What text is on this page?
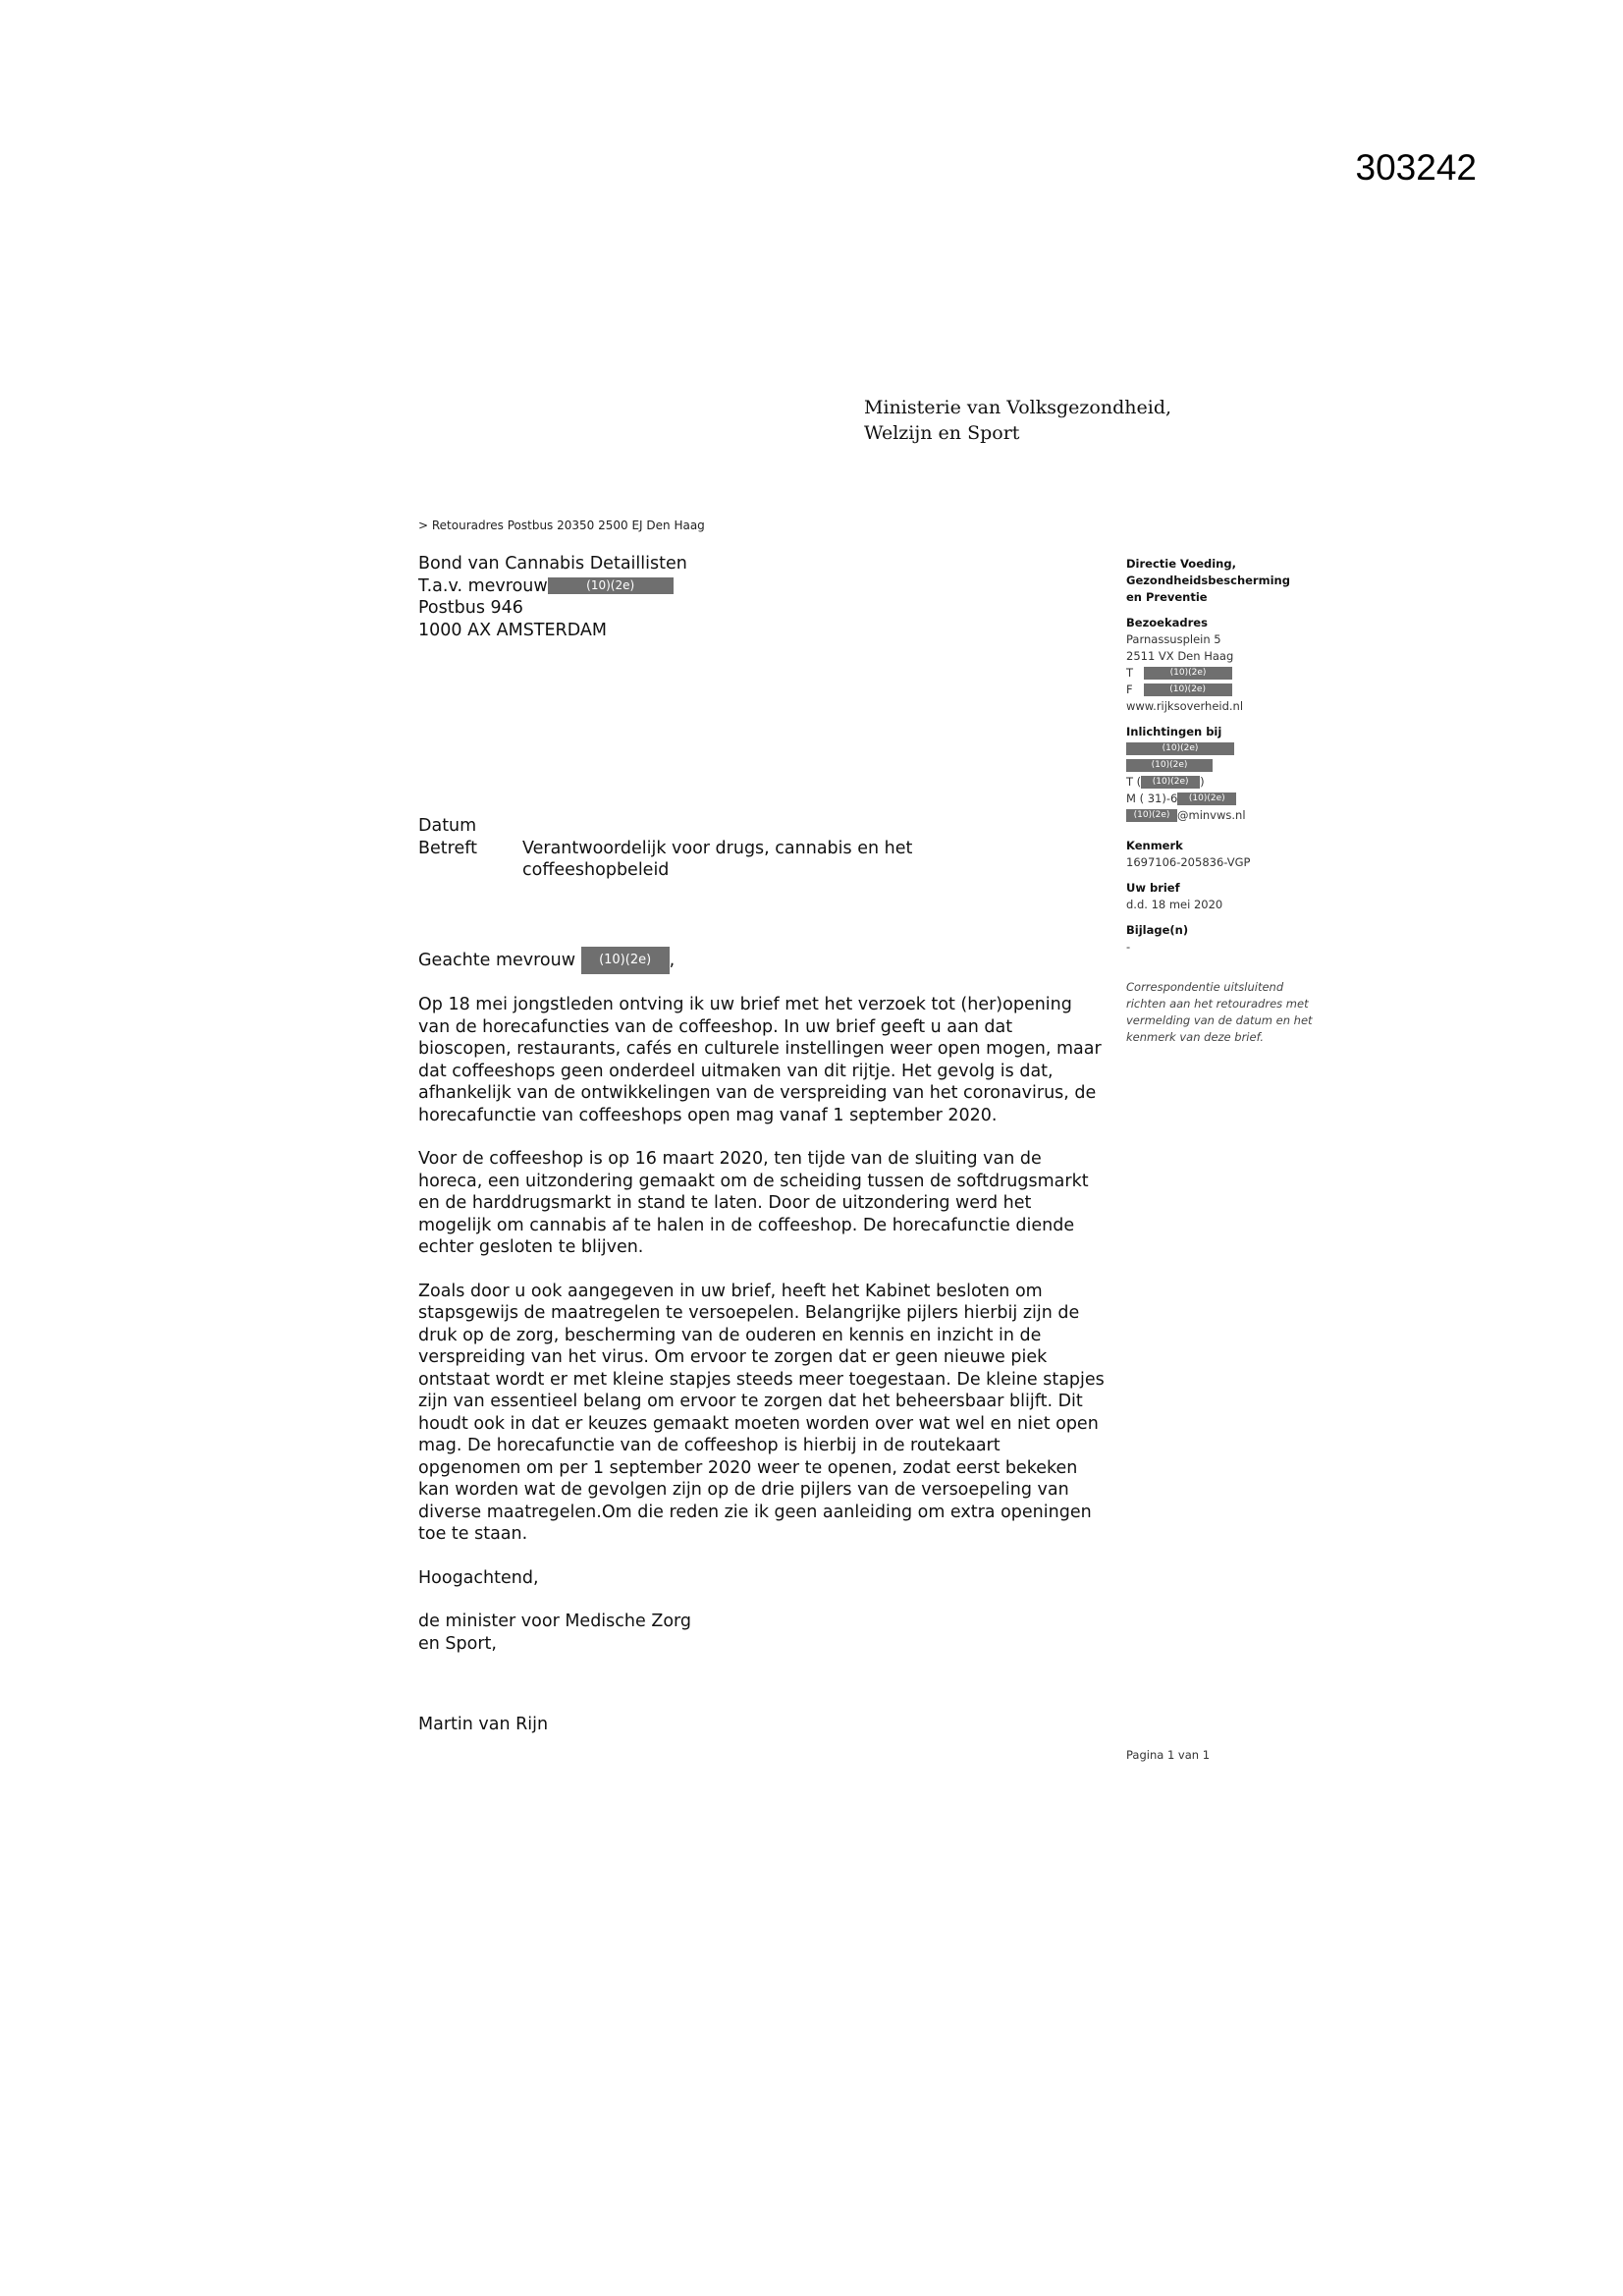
303242
Ministerie van Volksgezondheid,
Welzijn en Sport
> Retouradres Postbus 20350 2500 EJ Den Haag
Bond van Cannabis Detaillisten
T.a.v. mevrouw	(10)(2e)
Postbus 946
1000 AX AMSTERDAM
Directie Voeding,
Gezondheidsbescherming
en Preventie
Bezoekadres
Parnassusplein 5
2511 VX Den Haag
T	(10)(2e)
F	(10)(2e)
www.rijksoverheid.nl
Inlichtingen bij
(10)(2e)
(10)(2e)
T ( (10)(2e) )
M ( 31)-6 (10)(2e)
(10)(2e) @minvws.nl
Kenmerk
1697106-205836-VGP
Uw brief
d.d. 18 mei 2020
Bijlage(n)
-
Correspondentie uitsluitend richten aan het retouradres met vermelding van de datum en het kenmerk van deze brief.
Datum
Betreft	Verantwoordelijk voor drugs, cannabis en het
coffeeshopbeleid

Geachte mevrouw (10)(2e) ,

Op 18 mei jongstleden ontving ik uw brief met het verzoek tot (her)opening van de horecafuncties van de coffeeshop. In uw brief geeft u aan dat bioscopen, restaurants, cafés en culturele instellingen weer open mogen, maar dat coffeeshops geen onderdeel uitmaken van dit rijtje. Het gevolg is dat, afhankelijk van de ontwikkelingen van de verspreiding van het coronavirus, de horecafunctie van coffeeshops open mag vanaf 1 september 2020.

Voor de coffeeshop is op 16 maart 2020, ten tijde van de sluiting van de horeca, een uitzondering gemaakt om de scheiding tussen de softdrugsmarkt en de harddrugsmarkt in stand te laten. Door de uitzondering werd het mogelijk om cannabis af te halen in de coffeeshop. De horecafunctie diende echter gesloten te blijven.

Zoals door u ook aangegeven in uw brief, heeft het Kabinet besloten om stapsgewijs de maatregelen te versoepelen. Belangrijke pijlers hierbij zijn de druk op de zorg, bescherming van de ouderen en kennis en inzicht in de verspreiding van het virus. Om ervoor te zorgen dat er geen nieuwe piek ontstaat wordt er met kleine stapjes steeds meer toegestaan. De kleine stapjes zijn van essentieel belang om ervoor te zorgen dat het beheersbaar blijft. Dit houdt ook in dat er keuzes gemaakt moeten worden over wat wel en niet open mag. De horecafunctie van de coffeeshop is hierbij in de routekaart opgenomen om per 1 september 2020 weer te openen, zodat eerst bekeken kan worden wat de gevolgen zijn op de drie pijlers van de versoepeling van diverse maatregelen.Om die reden zie ik geen aanleiding om extra openingen toe te staan.

Hoogachtend,

de minister voor Medische Zorg
en Sport,

Martin van Rijn

Pagina 1 van 1
